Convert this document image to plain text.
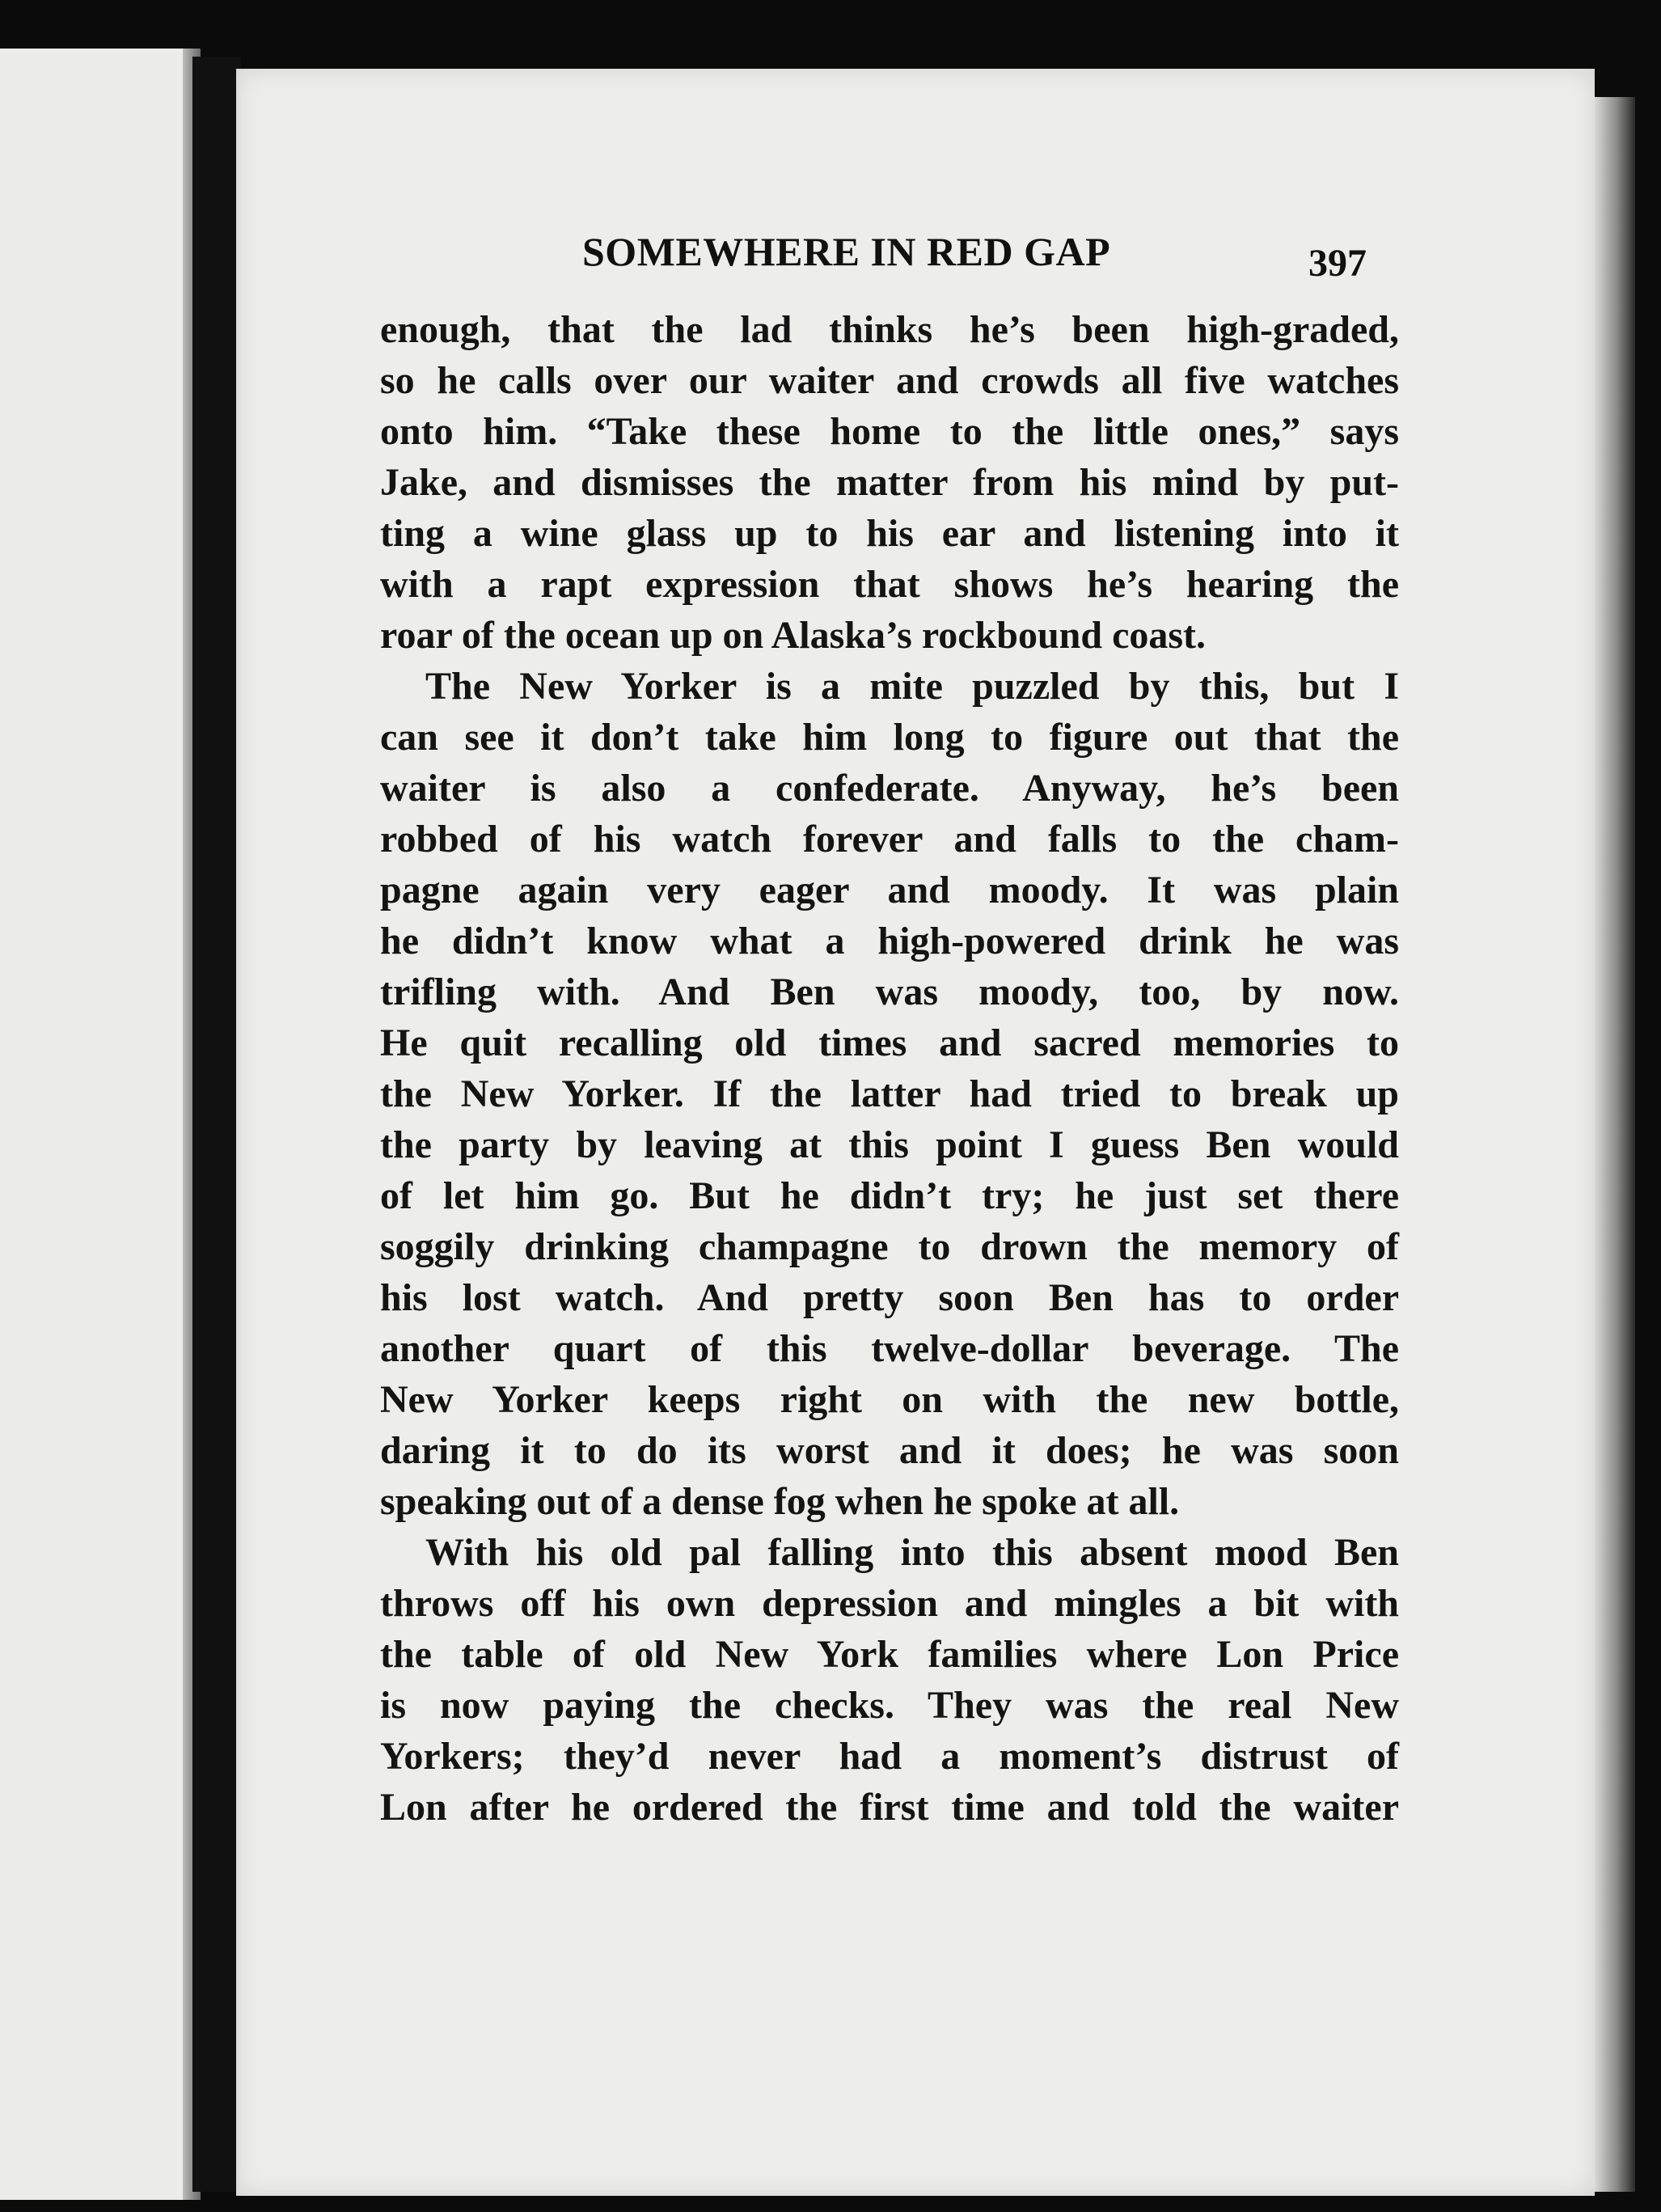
SOMEWHERE IN RED GAP	397
enough, that the lad thinks he’s been high-graded,
so he calls over our waiter and crowds all five watches
onto him. “Take these home to the little ones,” says
Jake, and dismisses the matter from his mind by put-
ting a wine glass up to his ear and listening into it
with a rapt expression that shows he’s hearing the
roar of the ocean up on Alaska’s rockbound coast.
The New Yorker is a mite puzzled by this, but I
can see it don’t take him long to figure out that the
waiter is also a confederate. Anyway, he’s been
robbed of his watch forever and falls to the cham-
pagne again very eager and moody. It was plain
he didn’t know what a high-powered drink he was
trifling with. And Ben was moody, too, by now.
He quit recalling old times and sacred memories to
the New Yorker. If the latter had tried to break up
the party by leaving at this point I guess Ben would
of let him go. But he didn’t try; he just set there
soggily drinking champagne to drown the memory of
his lost watch. And pretty soon Ben has to order
another quart of this twelve-dollar beverage. The
New Yorker keeps right on with the new bottle,
daring it to do its worst and it does; he was soon
speaking out of a dense fog when he spoke at all.
With his old pal falling into this absent mood Ben
throws off his own depression and mingles a bit with
the table of old New York families where Lon Price
is now paying the checks. They was the real New
Yorkers; they’d never had a moment’s distrust of
Lon after he ordered the first time and told the waiter
